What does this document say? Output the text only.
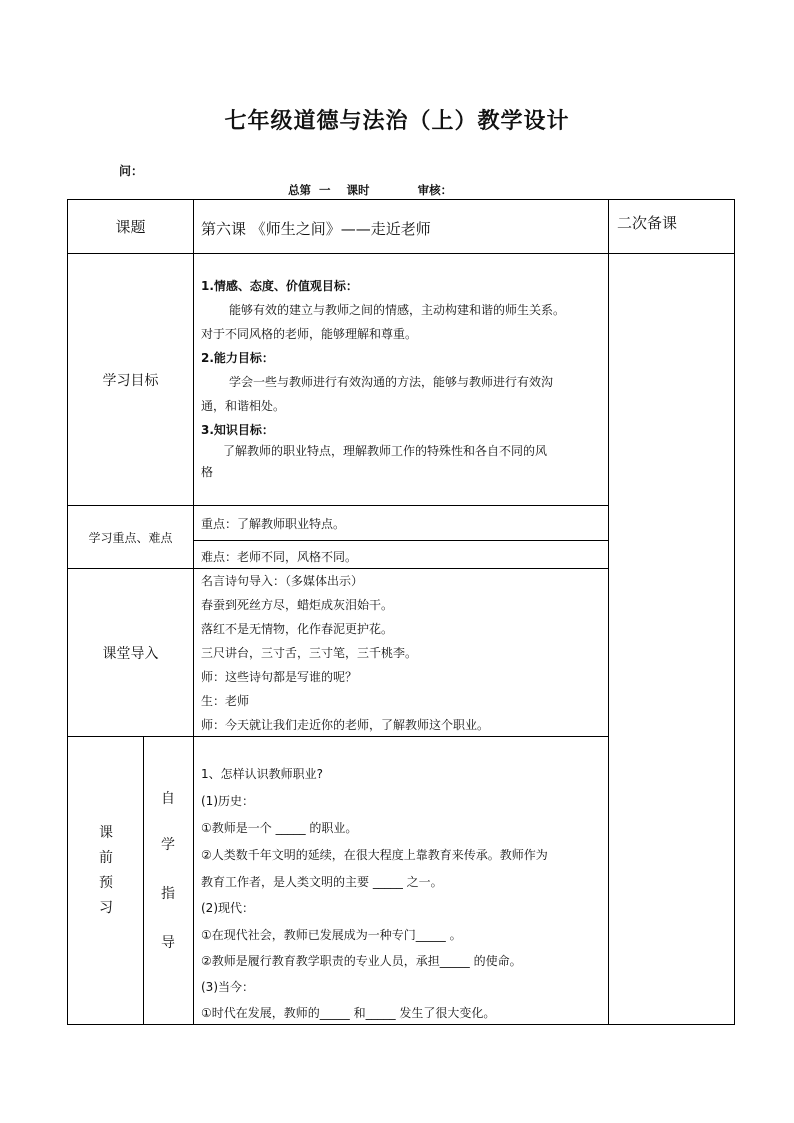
七年级道德与法治（上）教学设计
问：
总第  一    课时            审核：
课题	第六课 《师生之间》——走近老师	二次备课
学习目标
1.情感、态度、价值观目标：
能够有效的建立与教师之间的情感，主动构建和谐的师生关系。
对于不同风格的老师，能够理解和尊重。
2.能力目标：
学会一些与教师进行有效沟通的方法，能够与教师进行有效沟
通，和谐相处。
3.知识目标：
了解教师的职业特点，理解教师工作的特殊性和各自不同的风
格
学习重点、难点
重点：了解教师职业特点。
难点：老师不同，风格不同。
课堂导入
名言诗句导入：（多媒体出示）
春蚕到死丝方尽，蜡炬成灰泪始干。
落红不是无情物，化作春泥更护花。
三尺讲台，三寸舌，三寸笔，三千桃李。
师：这些诗句都是写谁的呢？
生：老师
师：今天就让我们走近你的老师，了解教师这个职业。
课
前
预
习
自
学
指
导
1、怎样认识教师职业?
(1)历史：
①教师是一个 _____ 的职业。
②人类数千年文明的延续，在很大程度上靠教育来传承。教师作为
教育工作者，是人类文明的主要 _____ 之一。
(2)现代：
①在现代社会，教师已发展成为一种专门_____ 。
②教师是履行教育教学职责的专业人员，承担_____ 的使命。
(3)当今：
①时代在发展，教师的_____ 和_____ 发生了很大变化。
